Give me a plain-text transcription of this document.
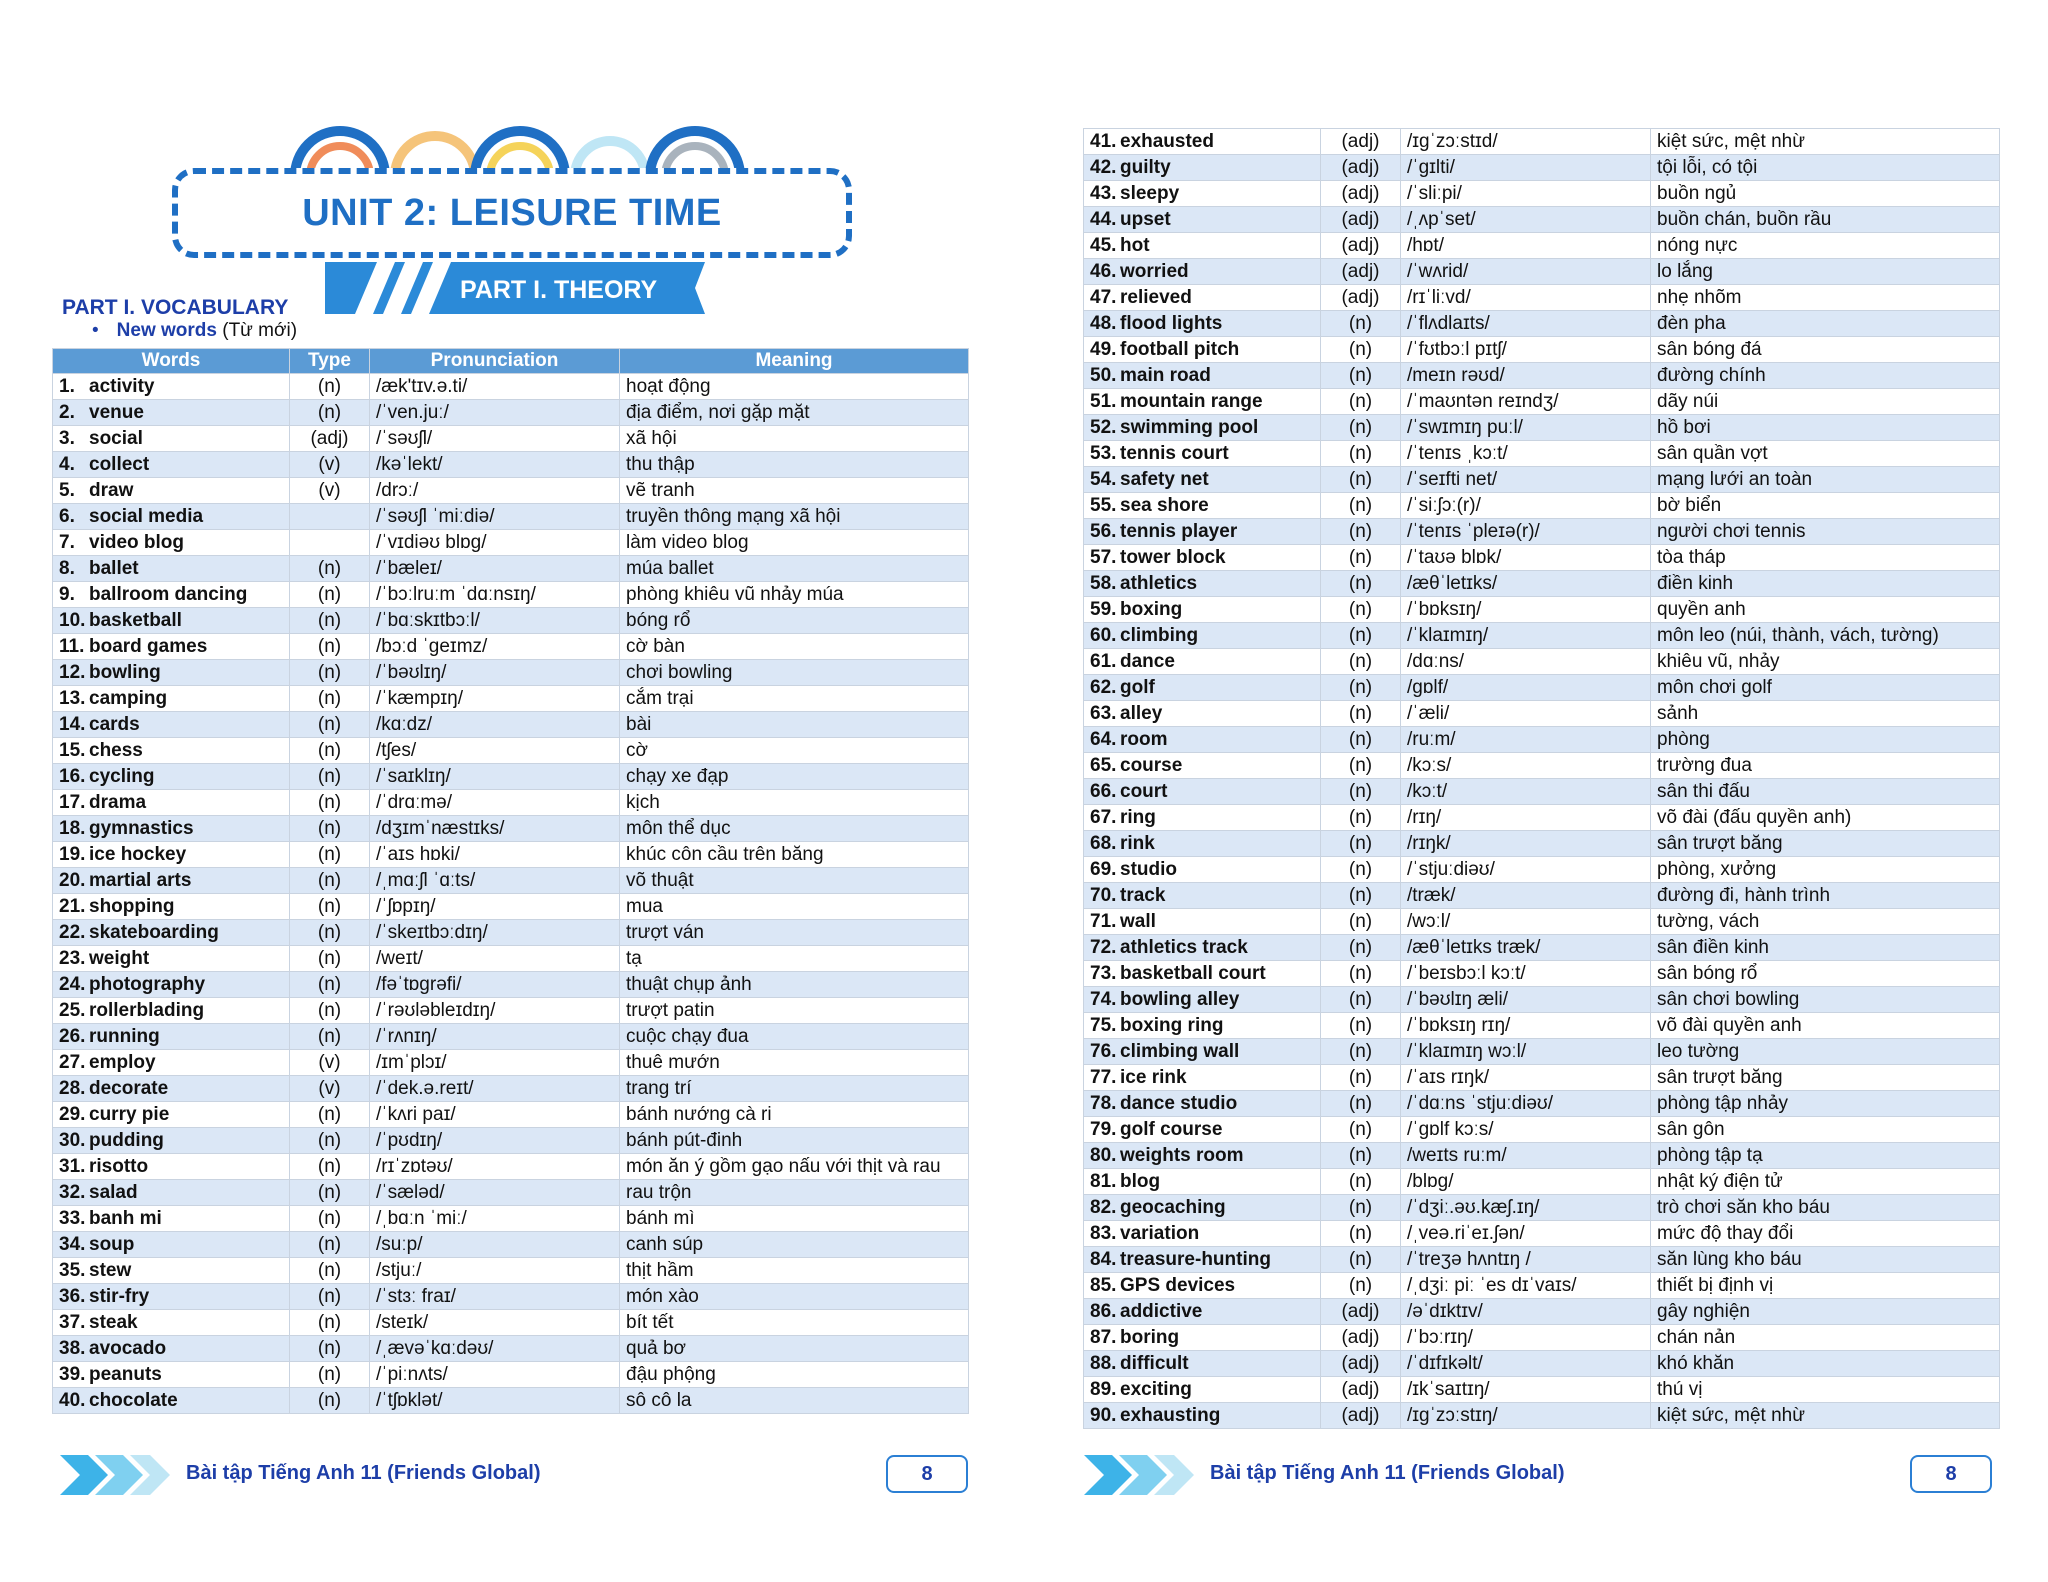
UNIT 2: LEISURE TIME
PART I. THEORY
PART I. VOCABULARY
• New words (Từ mới)
Words	Type	Pronunciation	Meaning
1. activity	(n)	/æk'tɪv.ə.ti/	hoạt động
2. venue	(n)	/ˈven.juː/	địa điểm, nơi gặp mặt
3. social	(adj)	/ˈsəʊʃl/	xã hội
4. collect	(v)	/kəˈlekt/	thu thập
5. draw	(v)	/drɔː/	vẽ tranh
6. social media		/ˈsəʊʃl ˈmiːdiə/	truyền thông mạng xã hội
7. video blog		/ˈvɪdiəʊ blɒg/	làm video blog
8. ballet	(n)	/ˈbæleɪ/	múa ballet
9. ballroom dancing	(n)	/ˈbɔːlruːm ˈdɑːnsɪŋ/	phòng khiêu vũ nhảy múa
10. basketball	(n)	/ˈbɑːskɪtbɔːl/	bóng rổ
11. board games	(n)	/bɔːd ˈgeɪmz/	cờ bàn
12. bowling	(n)	/ˈbəʊlɪŋ/	chơi bowling
13. camping	(n)	/ˈkæmpɪŋ/	cắm trại
14. cards	(n)	/kɑːdz/	bài
15. chess	(n)	/tʃes/	cờ
16. cycling	(n)	/ˈsaɪklɪŋ/	chạy xe đạp
17. drama	(n)	/ˈdrɑːmə/	kịch
18. gymnastics	(n)	/dʒɪmˈnæstɪks/	môn thể dục
19. ice hockey	(n)	/ˈaɪs hɒki/	khúc côn cầu trên băng
20. martial arts	(n)	/ˌmɑːʃl ˈɑːts/	võ thuật
21. shopping	(n)	/ˈʃɒpɪŋ/	mua
22. skateboarding	(n)	/ˈskeɪtbɔːdɪŋ/	trượt ván
23. weight	(n)	/weɪt/	tạ
24. photography	(n)	/fəˈtɒgrəfi/	thuật chụp ảnh
25. rollerblading	(n)	/ˈrəʊləbleɪdɪŋ/	trượt patin
26. running	(n)	/ˈrʌnɪŋ/	cuộc chạy đua
27. employ	(v)	/ɪmˈplɔɪ/	thuê mướn
28. decorate	(v)	/ˈdek.ə.reɪt/	trang trí
29. curry pie	(n)	/ˈkʌri paɪ/	bánh nướng cà ri
30. pudding	(n)	/ˈpʊdɪŋ/	bánh pút-đinh
31. risotto	(n)	/rɪˈzɒtəʊ/	món ăn ý gồm gạo nấu với thịt và rau
32. salad	(n)	/ˈsæləd/	rau trộn
33. banh mi	(n)	/ˌbɑːn ˈmiː/	bánh mì
34. soup	(n)	/suːp/	canh súp
35. stew	(n)	/stjuː/	thịt hầm
36. stir-fry	(n)	/ˈstɜː fraɪ/	món xào
37. steak	(n)	/steɪk/	bít tết
38. avocado	(n)	/ˌævəˈkɑːdəʊ/	quả bơ
39. peanuts	(n)	/ˈpiːnʌts/	đậu phộng
40. chocolate	(n)	/ˈtʃɒklət/	sô cô la
Bài tập Tiếng Anh 11 (Friends Global)	8
41. exhausted	(adj)	/ɪgˈzɔːstɪd/	kiệt sức, mệt nhừ
42. guilty	(adj)	/ˈgɪlti/	tội lỗi, có tội
43. sleepy	(adj)	/ˈsliːpi/	buồn ngủ
44. upset	(adj)	/ˌʌpˈset/	buồn chán, buồn rầu
45. hot	(adj)	/hɒt/	nóng nực
46. worried	(adj)	/ˈwʌrid/	lo lắng
47. relieved	(adj)	/rɪˈliːvd/	nhẹ nhõm
48. flood lights	(n)	/ˈflʌdlaɪts/	đèn pha
49. football pitch	(n)	/ˈfʊtbɔːl pɪtʃ/	sân bóng đá
50. main road	(n)	/meɪn rəʊd/	đường chính
51. mountain range	(n)	/ˈmaʊntən reɪndʒ/	dãy núi
52. swimming pool	(n)	/ˈswɪmɪŋ puːl/	hồ bơi
53. tennis court	(n)	/ˈtenɪs ˌkɔːt/	sân quần vợt
54. safety net	(n)	/ˈseɪfti net/	mạng lưới an toàn
55. sea shore	(n)	/ˈsiːʃɔː(r)/	bờ biển
56. tennis player	(n)	/ˈtenɪs ˈpleɪə(r)/	người chơi tennis
57. tower block	(n)	/ˈtaʊə blɒk/	tòa tháp
58. athletics	(n)	/æθˈletɪks/	điền kinh
59. boxing	(n)	/ˈbɒksɪŋ/	quyền anh
60. climbing	(n)	/ˈklaɪmɪŋ/	môn leo (núi, thành, vách, tường)
61. dance	(n)	/dɑːns/	khiêu vũ, nhảy
62. golf	(n)	/gɒlf/	môn chơi golf
63. alley	(n)	/ˈæli/	sảnh
64. room	(n)	/ruːm/	phòng
65. course	(n)	/kɔːs/	trường đua
66. court	(n)	/kɔːt/	sân thi đấu
67. ring	(n)	/rɪŋ/	võ đài (đấu quyền anh)
68. rink	(n)	/rɪŋk/	sân trượt băng
69. studio	(n)	/ˈstjuːdiəʊ/	phòng, xưởng
70. track	(n)	/træk/	đường đi, hành trình
71. wall	(n)	/wɔːl/	tường, vách
72. athletics track	(n)	/æθˈletɪks træk/	sân điền kinh
73. basketball court	(n)	/ˈbeɪsbɔːl kɔːt/	sân bóng rổ
74. bowling alley	(n)	/ˈbəʊlɪŋ æli/	sân chơi bowling
75. boxing ring	(n)	/ˈbɒksɪŋ rɪŋ/	võ đài quyền anh
76. climbing wall	(n)	/ˈklaɪmɪŋ wɔːl/	leo tường
77. ice rink	(n)	/ˈaɪs rɪŋk/	sân trượt băng
78. dance studio	(n)	/ˈdɑːns ˈstjuːdiəʊ/	phòng tập nhảy
79. golf course	(n)	/ˈgɒlf kɔːs/	sân gôn
80. weights room	(n)	/weɪts ruːm/	phòng tập tạ
81. blog	(n)	/blɒg/	nhật ký điện tử
82. geocaching	(n)	/ˈdʒiː.əʊ.kæʃ.ɪŋ/	trò chơi săn kho báu
83. variation	(n)	/ˌveə.riˈeɪ.ʃən/	mức độ thay đổi
84. treasure-hunting	(n)	/ˈtreʒə hʌntɪŋ /	săn lùng kho báu
85. GPS devices	(n)	/ˌdʒiː piː ˈes dɪˈvaɪs/	thiết bị định vị
86. addictive	(adj)	/əˈdɪktɪv/	gây nghiện
87. boring	(adj)	/ˈbɔːrɪŋ/	chán nản
88. difficult	(adj)	/ˈdɪfɪkəlt/	khó khăn
89. exciting	(adj)	/ɪkˈsaɪtɪŋ/	thú vị
90. exhausting	(adj)	/ɪgˈzɔːstɪŋ/	kiệt sức, mệt nhừ
Bài tập Tiếng Anh 11 (Friends Global)	8
